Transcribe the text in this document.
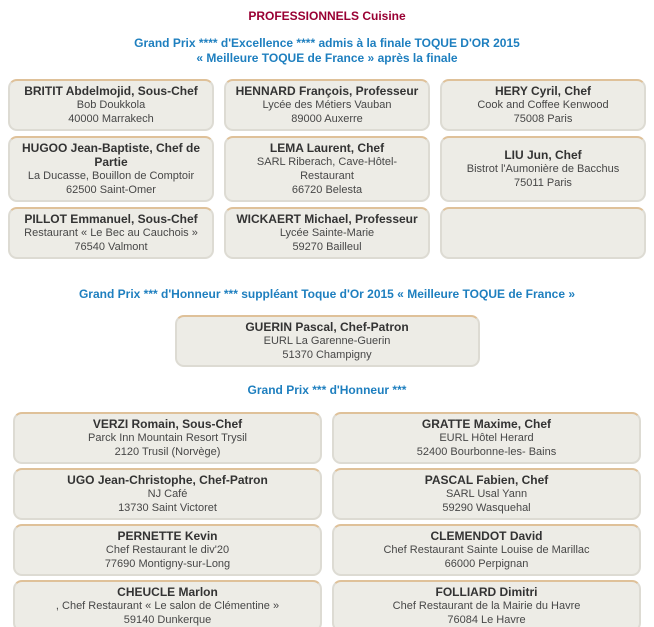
PROFESSIONNELS Cuisine
Grand Prix **** d'Excellence **** admis à la finale TOQUE D'OR 2015
« Meilleure TOQUE de France » après la finale
BRITIT Abdelmojid, Sous-Chef
Bob Doukkola
40000 Marrakech
HENNARD François, Professeur
Lycée des Métiers Vauban
89000 Auxerre
HERY Cyril, Chef
Cook and Coffee Kenwood
75008 Paris
HUGOO Jean-Baptiste, Chef de Partie
La Ducasse, Bouillon de Comptoir
62500 Saint-Omer
LEMA Laurent, Chef
SARL Riberach, Cave-Hôtel-Restaurant
66720 Belesta
LIU Jun, Chef
Bistrot l'Aumonière de Bacchus
75011 Paris
PILLOT Emmanuel, Sous-Chef
Restaurant « Le Bec au Cauchois »
76540 Valmont
WICKAERT Michael, Professeur
Lycée Sainte-Marie
59270 Bailleul
Grand Prix *** d'Honneur *** suppléant Toque d'Or 2015 « Meilleure TOQUE de France »
GUERIN Pascal, Chef-Patron
EURL La Garenne-Guerin
51370 Champigny
Grand Prix *** d'Honneur ***
VERZI Romain, Sous-Chef
Parck Inn Mountain Resort Trysil
2120 Trusil (Norvège)
GRATTE Maxime, Chef
EURL Hôtel Herard
52400 Bourbonne-les- Bains
UGO Jean-Christophe, Chef-Patron
NJ Café
13730 Saint Victoret
PASCAL Fabien, Chef
SARL Usal Yann
59290 Wasquehal
PERNETTE Kevin
Chef Restaurant le div'20
77690 Montigny-sur-Long
CLEMENDOT David
Chef Restaurant Sainte Louise de Marillac
66000 Perpignan
CHEUCLE Marlon
, Chef Restaurant « Le salon de Clémentine »
59140 Dunkerque
FOLLIARD Dimitri
Chef Restaurant de la Mairie du Havre
76084 Le Havre
